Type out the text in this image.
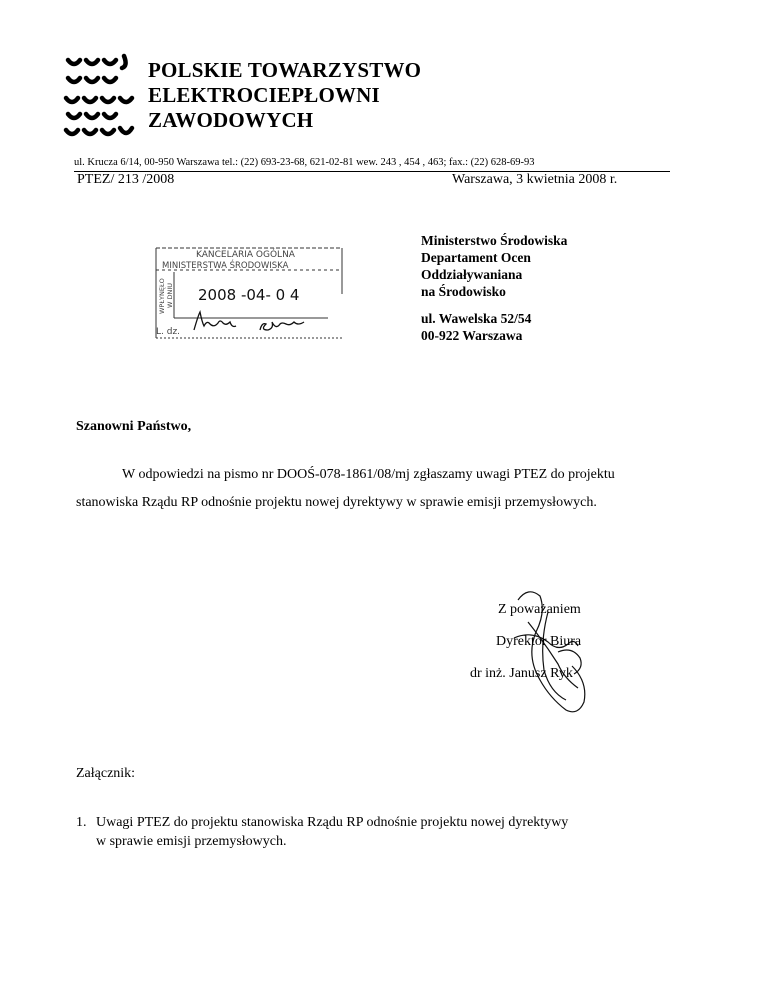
POLSKIE TOWARZYSTWO
ELEKTROCIEPŁOWNI
ZAWODOWYCH
ul. Krucza 6/14, 00-950 Warszawa tel.: (22) 693-23-68, 621-02-81 wew. 243 , 454 , 463; fax.: (22) 628-69-93
PTEZ/ 213 /2008	Warszawa, 3 kwietnia 2008 r.
KANCELARIA OGÓLNA
MINISTERSTWA ŚRODOWISKA
WPŁYNĘŁO W DNIU 2008 -04- 0 4
L. dz.
Ministerstwo Środowiska
Departament Ocen
Oddziaływaniana
na Środowisko
ul. Wawelska 52/54
00-922 Warszawa
Szanowni Państwo,

W odpowiedzi na pismo nr DOOŚ-078-1861/08/mj zgłaszamy uwagi PTEZ do projektu

stanowiska Rządu RP odnośnie projektu nowej dyrektywy w sprawie emisji przemysłowych.

Z poważaniem
Dyrektor Biura
dr inż. Janusz Ryk
Załącznik:
1. Uwagi PTEZ do projektu stanowiska Rządu RP odnośnie projektu nowej dyrektywy
w sprawie emisji przemysłowych.
